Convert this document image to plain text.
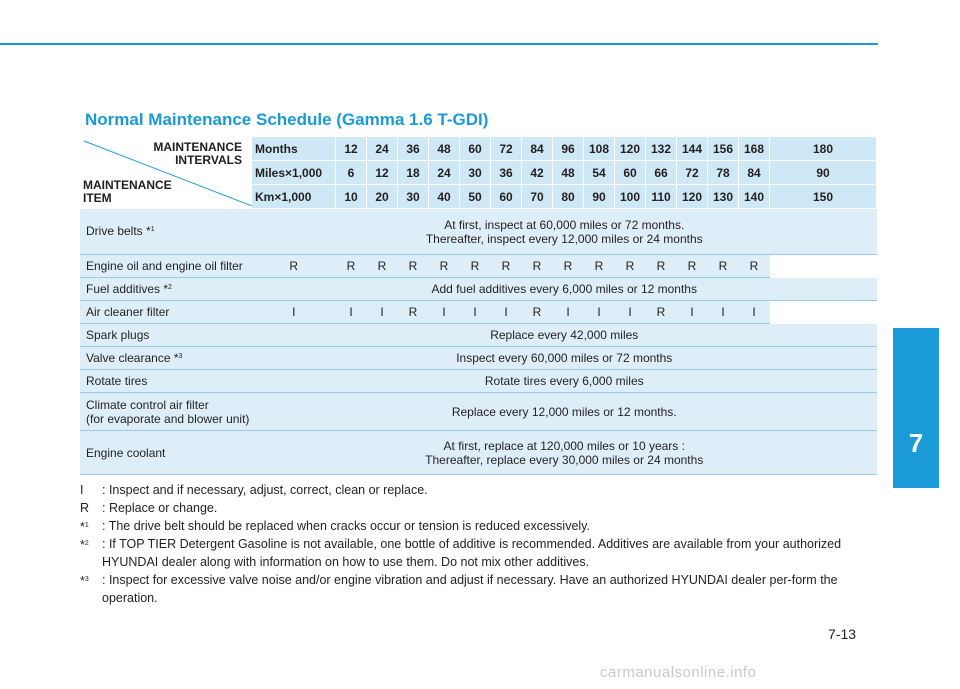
7
Maintenance
Normal Maintenance Schedule (Gamma 1.6 T-GDI)
MAINTENANCE
INTERVALS
MAINTENANCE
ITEM	Months	12	24	36	48	60	72	84	96	108	120	132	144	156	168	180
	Miles×1,000	6	12	18	24	30	36	42	48	54	60	66	72	78	84	90
	Km×1,000	10	20	30	40	50	60	70	80	90	100	110	120	130	140	150
Drive belts *$^1$	At first, inspect at 60,000 miles or 72 months.
Thereafter, inspect every 12,000 miles or 24 months															
Engine oil and engine oil filter	R	R	R	R	R	R	R	R	R	R	R	R	R	R	R	
Fuel additives *$^2$	Add fuel additives every 6,000 miles or 12 months															
Air cleaner filter	I	I	I	R	I	I	I	R	I	I	I	R	I	I	I	
Spark plugs	Replace every 42,000 miles															
Valve clearance *$^3$	Inspect every 60,000 miles or 72 months															
Rotate tires	Rotate tires every 6,000 miles															
Climate control air filter
(for evaporate and blower unit)	Replace every 12,000 miles or 12 months.															
Engine coolant	At first, replace at 120,000 miles or 10 years :
Thereafter, replace every 30,000 miles or 24 months															
I : Inspect and if necessary, adjust, correct, clean or replace.
R : Replace or change.
*$^1$ : The drive belt should be replaced when cracks occur or tension is reduced excessively.
*$^2$ : If TOP TIER Detergent Gasoline is not available, one bottle of additive is recommended. Additives are available from your authorized HYUNDAI dealer along with information on how to use them. Do not mix other additives.
*$^3$ : Inspect for excessive valve noise and/or engine vibration and adjust if necessary. Have an authorized HYUNDAI dealer per-form the operation.
7-13
carmanualsonline.info
